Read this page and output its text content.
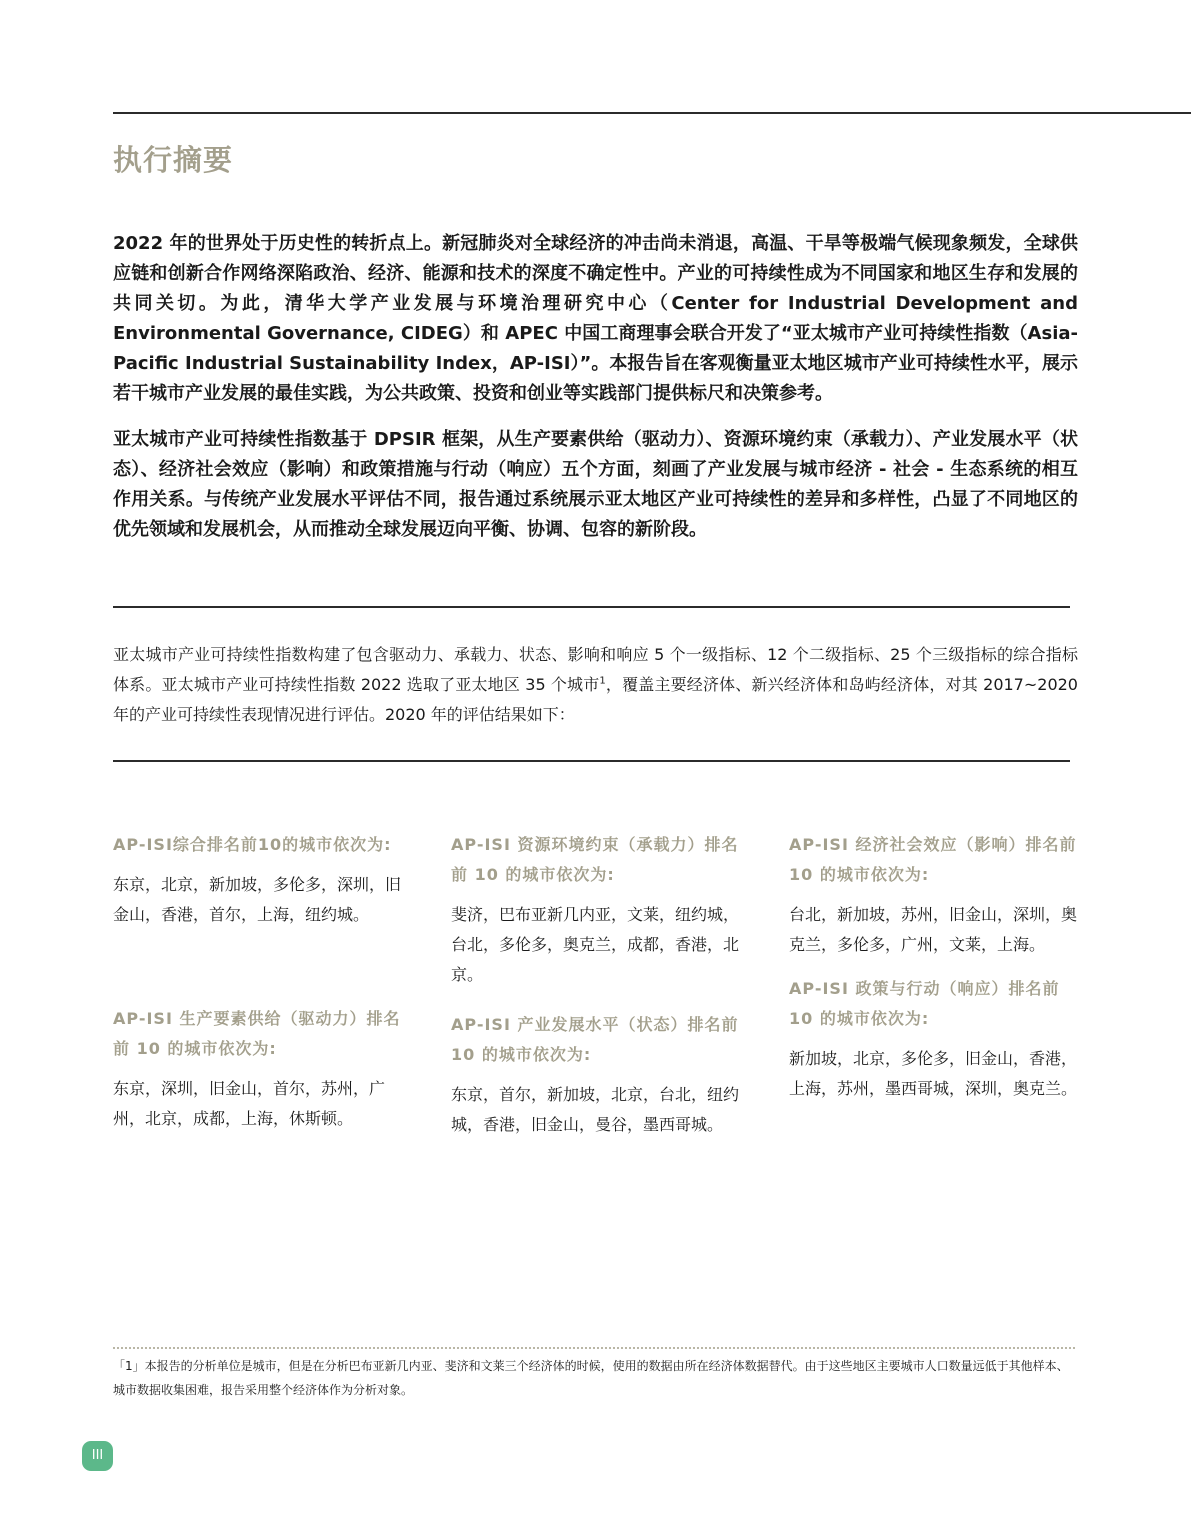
执行摘要

2022 年的世界处于历史性的转折点上。新冠肺炎对全球经济的冲击尚未消退，高温、干旱等极端气候现象频发，全球供应链和创新合作网络深陷政治、经济、能源和技术的深度不确定性中。产业的可持续性成为不同国家和地区生存和发展的共同关切。为此，清华大学产业发展与环境治理研究中心（Center for Industrial Development and Environmental Governance, CIDEG）和 APEC 中国工商理事会联合开发了“亚太城市产业可持续性指数（Asia-Pacific Industrial Sustainability Index，AP-ISI）”。本报告旨在客观衡量亚太地区城市产业可持续性水平，展示若干城市产业发展的最佳实践，为公共政策、投资和创业等实践部门提供标尺和决策参考。

亚太城市产业可持续性指数基于 DPSIR 框架，从生产要素供给（驱动力）、资源环境约束（承载力）、产业发展水平（状态）、经济社会效应（影响）和政策措施与行动（响应）五个方面，刻画了产业发展与城市经济 - 社会 - 生态系统的相互作用关系。与传统产业发展水平评估不同，报告通过系统展示亚太地区产业可持续性的差异和多样性，凸显了不同地区的优先领域和发展机会，从而推动全球发展迈向平衡、协调、包容的新阶段。

亚太城市产业可持续性指数构建了包含驱动力、承载力、状态、影响和响应 5 个一级指标、12 个二级指标、25 个三级指标的综合指标体系。亚太城市产业可持续性指数 2022 选取了亚太地区 35 个城市$^1$，覆盖主要经济体、新兴经济体和岛屿经济体，对其 2017~2020 年的产业可持续性表现情况进行评估。2020 年的评估结果如下：

AP-ISI综合排名前10的城市依次为:

东京，北京，新加坡，多伦多，深圳，旧金山，香港，首尔，上海，纽约城。

AP-ISI 生产要素供给（驱动力）排名前 10 的城市依次为:

东京，深圳，旧金山，首尔，苏州，广州，北京，成都，上海，休斯顿。

AP-ISI 资源环境约束（承载力）排名前 10 的城市依次为:

斐济，巴布亚新几内亚，文莱，纽约城，台北，多伦多，奥克兰，成都，香港，北京。

AP-ISI 产业发展水平（状态）排名前 10 的城市依次为:

东京，首尔，新加坡，北京，台北，纽约城，香港，旧金山，曼谷，墨西哥城。

AP-ISI 经济社会效应（影响）排名前 10 的城市依次为:

台北，新加坡，苏州，旧金山，深圳，奥克兰，多伦多，广州，文莱，上海。

AP-ISI 政策与行动（响应）排名前 10 的城市依次为:

新加坡，北京，多伦多，旧金山，香港，上海，苏州，墨西哥城，深圳，奥克兰。

「1」本报告的分析单位是城市，但是在分析巴布亚新几内亚、斐济和文莱三个经济体的时候，使用的数据由所在经济体数据替代。由于这些地区主要城市人口数量远低于其他样本、城市数据收集困难，报告采用整个经济体作为分析对象。

III
